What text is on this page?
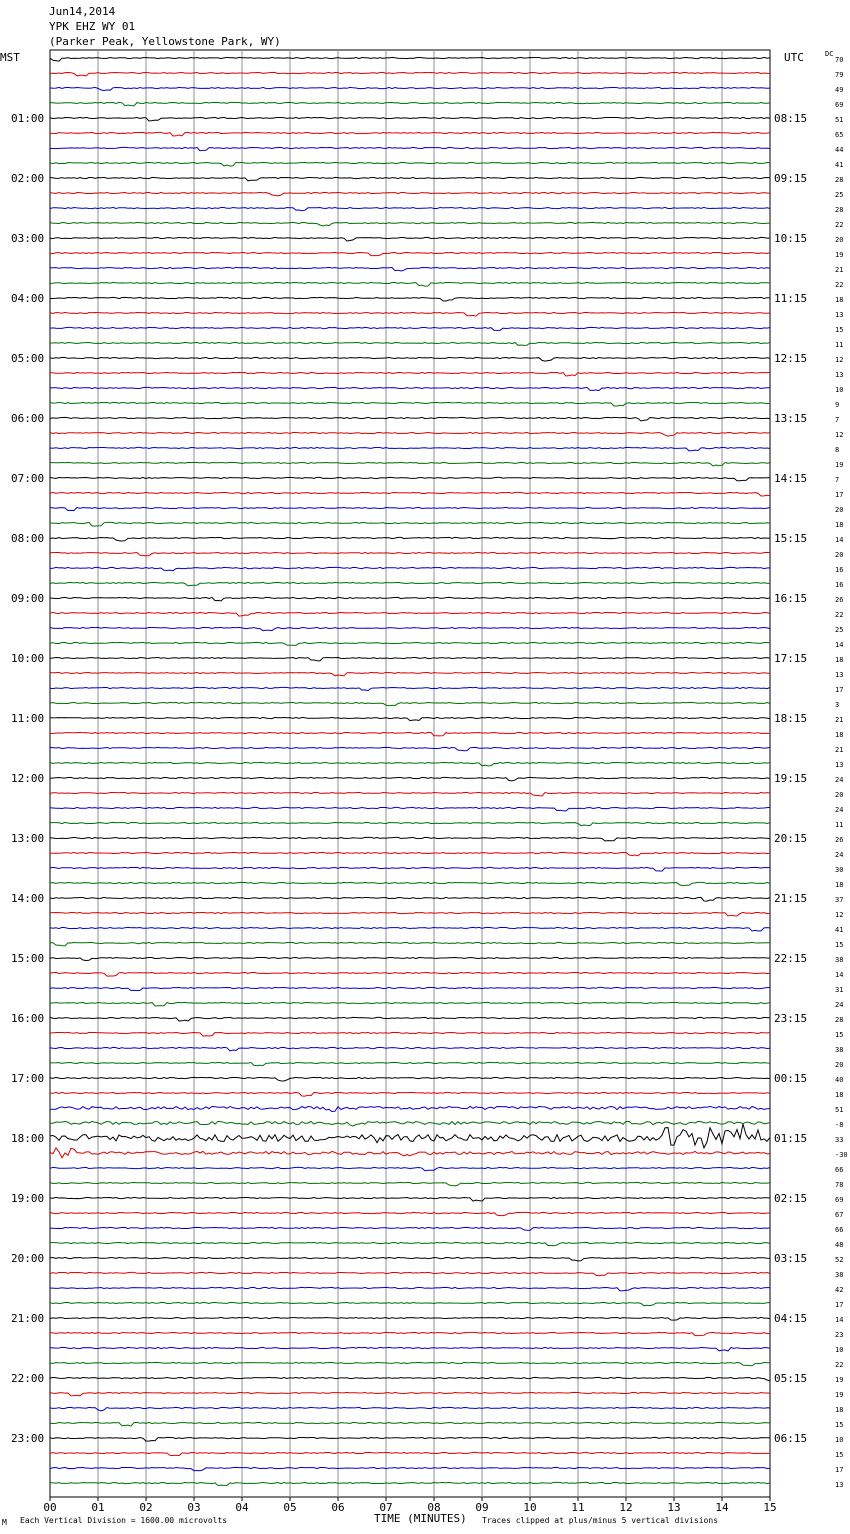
Jun14,2014
YPK EHZ WY 01
(Parker Peak, Yellowstone Park, WY)
MST	UTC	DC
70
79
49
69
51
65
44
41
28
25
28
22
20
19
21
22
18
13
15
11
12
13
10
9
7
12
8
19
7
17
20
18
14
20
16
16
26
22
25
14
18
13
17
3
21
18
21
13
24
20
24
11
26
24
30
18
37
12
41
15
38
14
31
24
28
15
38
20
40
18
51
-8
33
-30
66
78
69
67
66
48
52
38
42
17
14
23
10
22
19
19
18
15
10
15
17
13
01:00
02:00
03:00
04:00
05:00
06:00
07:00
08:00
09:00
10:00
11:00
12:00
13:00
14:00
15:00
16:00
17:00
18:00
19:00
20:00
21:00
22:00
23:00
08:15
09:15
10:15
11:15
12:15
13:15
14:15
15:15
16:15
17:15
18:15
19:15
20:15
21:15
22:15
23:15
00:15
01:15
02:15
03:15
04:15
05:15
06:15
00	01	02	03	04	05	06	07	08	09	10	11	12	13	14	15
M Each Vertical Division = 1600.00 microvolts	TIME (MINUTES) Traces clipped at plus/minus 5 vertical divisions
